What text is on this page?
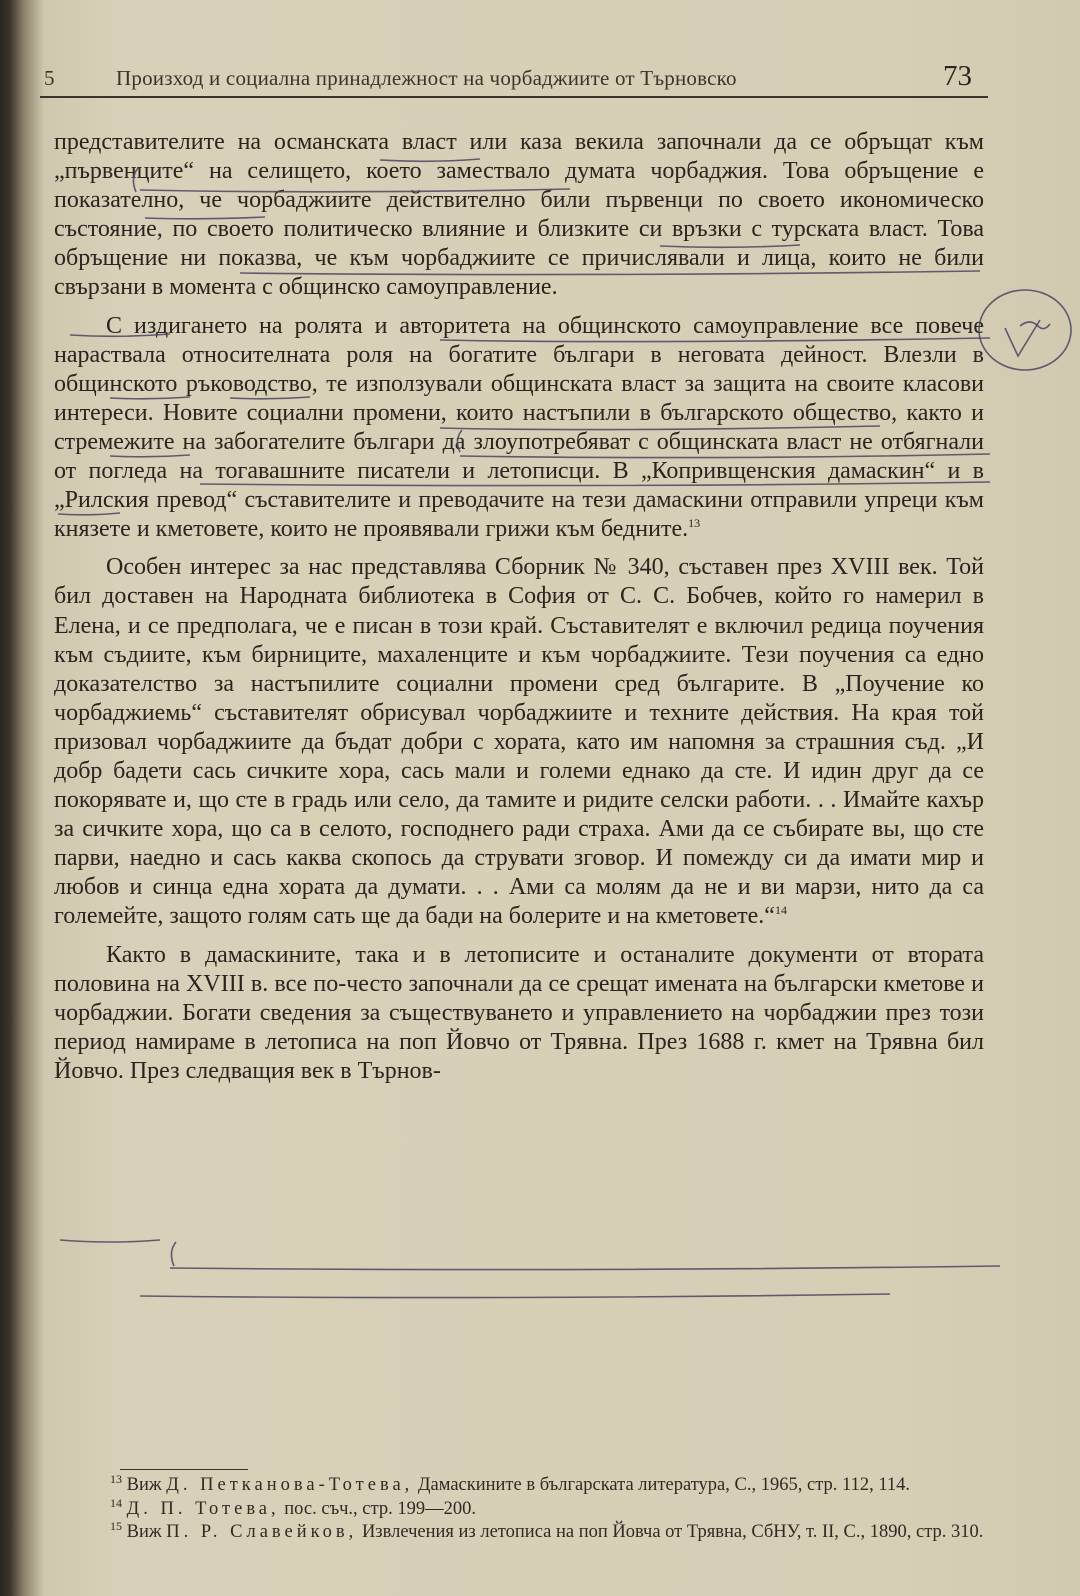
5	Произход и социална принадлежност на чорбаджиите от Търновско	73

представителите на османската власт или каза векила започнали да се обръщат към „първенците“ на селището, което замествало думата чорбаджия. Това обръщение е показателно, че чорбаджиите действително били първенци по своето икономическо състояние, по своето политическо влияние и близките си връзки с турската власт. Това обръщение ни показва, че към чорбаджиите се причислявали и лица, които не били свързани в момента с общинско самоуправление.

С издигането на ролята и авторитета на общинското самоуправление все повече нараствала относителната роля на богатите българи в неговата дейност. Влезли в общинското ръководство, те използували общинската власт за защита на своите класови интереси. Новите социални промени, които настъпили в българското общество, както и стремежите на забогателите българи да злоупотребяват с общинската власт не отбягнали от погледа на тогавашните писатели и летописци. В „Копривщенския дамаскин“ и в „Рилския превод“ съставителите и преводачите на тези дамаскини отправили упреци към князете и кметовете, които не проявявали грижи към бедните.$^{13}$

Особен интерес за нас представлява Сборник № 340, съставен през XVIII век. Той бил доставен на Народната библиотека в София от С. С. Бобчев, който го намерил в Елена, и се предполага, че е писан в този край. Съставителят е включил редица поучения към съдиите, към бирниците, махаленците и към чорбаджиите. Тези поучения са едно доказателство за настъпилите социални промени сред българите. В „Поучение ко чорбаджиемь“ съставителят обрисувал чорбаджиите и техните действия. На края той призовал чорбаджиите да бъдат добри с хората, като им напомня за страшния съд. „И добр бадети сась сичките хора, сась мали и големи еднако да сте. И идин друг да се покорявате и, що сте в градь или село, да тамите и ридите селски работи. . . Имайте кахър за сичките хора, що са в селото, господнего ради страха. Ами да се събирате вы, що сте парви, наедно и сась каква скопось да струвати зговор. И помежду си да имати мир и любов и синца една хората да думати. . . Ами са молям да не и ви марзи, нито да са големейте, защото голям сать ще да бади на болерите и на кметовете.“$^{14}$

Както в дамаскините, така и в летописите и останалите документи от втората половина на XVIII в. все по-често започнали да се срещат имената на български кметове и чорбаджии. Богати сведения за съществуването и управлението на чорбаджии през този период намираме в летописа на поп Йовчо от Трявна. През 1688 г. кмет на Трявна бил Йовчо. През следващия век в Търнов-

$^{13}$ Виж Д. Петканова-Тотева, Дамаскините в българската литература, С., 1965, стр. 112, 114.

$^{14}$ Д. П. Тотева, пос. съч., стр. 199—200.

$^{15}$ Виж П. Р. Славейков, Извлечения из летописа на поп Йовча от Трявна, СбНУ, т. II, С., 1890, стр. 310.
